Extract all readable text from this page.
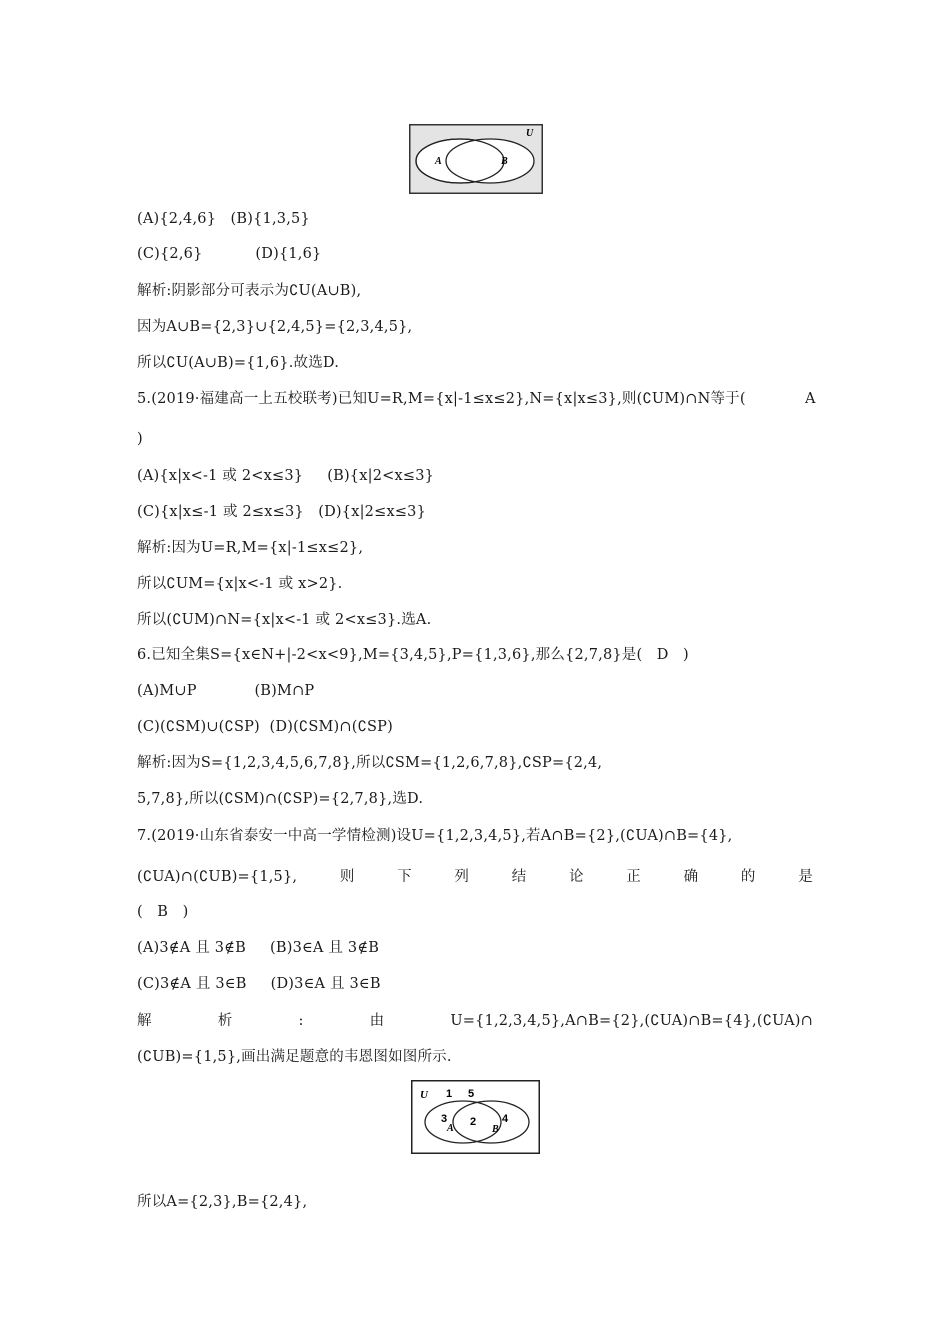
U
A	B
(A){2,4,6}   (B){1,3,5}
(C){2,6}           (D){1,6}
解析:阴影部分可表示为∁U(A∪B),
因为A∪B={2,3}∪{2,4,5}={2,3,4,5},
所以∁U(A∪B)={1,6}.故选D.
5.(2019·福建高一上五校联考)已知U=R,M={x|-1≤x≤2},N={x|x≤3},则(∁UM)∩N等于(	A
)
(A){x|x<-1 或 2<x≤3}     (B){x|2<x≤3}
(C){x|x≤-1 或 2≤x≤3}   (D){x|2≤x≤3}
解析:因为U=R,M={x|-1≤x≤2},
所以∁UM={x|x<-1 或 x>2}.
所以(∁UM)∩N={x|x<-1 或 2<x≤3}.选A.
6.已知全集S={x∈N+|-2<x<9},M={3,4,5},P={1,3,6},那么{2,7,8}是(   D   )
(A)M∪P            (B)M∩P
(C)(∁SM)∪(∁SP)  (D)(∁SM)∩(∁SP)
解析:因为S={1,2,3,4,5,6,7,8},所以∁SM={1,2,6,7,8},∁SP={2,4,
5,7,8},所以(∁SM)∩(∁SP)={2,7,8},选D.
7.(2019·山东省泰安一中高一学情检测)设U={1,2,3,4,5},若A∩B={2},(∁UA)∩B={4},
(∁UA)∩(∁UB)={1,5},	则	下	列	结	论	正	确	的	是
(   B   )
(A)3∉A 且 3∉B     (B)3∈A 且 3∉B
(C)3∉A 且 3∈B     (D)3∈A 且 3∈B
解	析	:	由	U={1,2,3,4,5},A∩B={2},(∁UA)∩B={4},(∁UA)∩
(∁UB)={1,5},画出满足题意的韦恩图如图所示.
U 1 5
3
A
2
B
4
所以A={2,3},B={2,4},
